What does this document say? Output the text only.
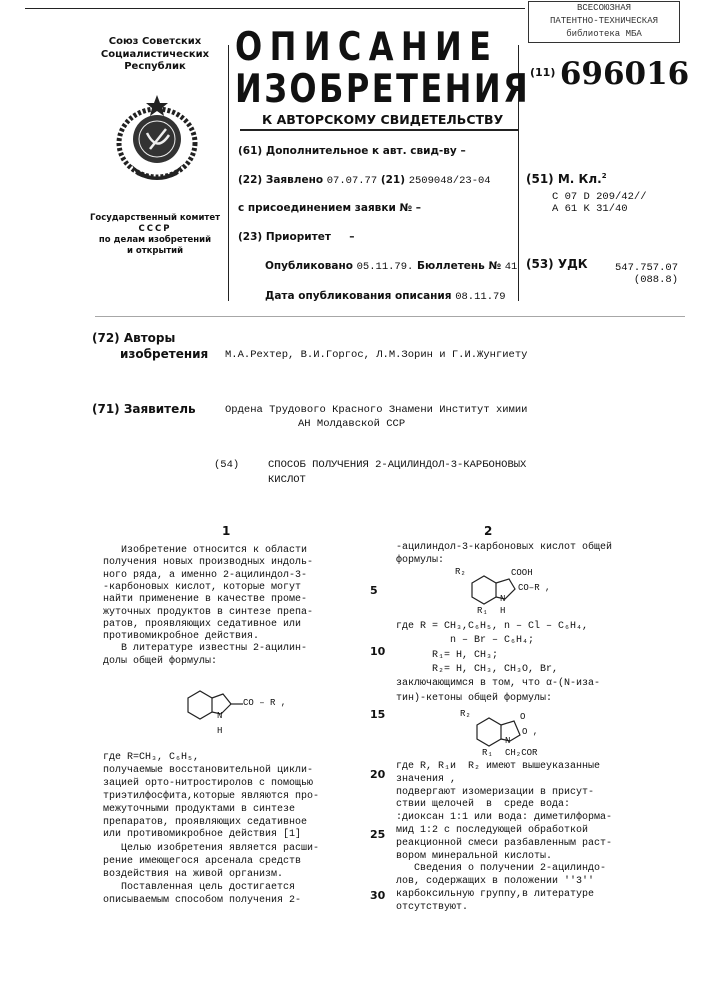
Союз Советских
Социалистических
Республик
Государственный комитет
СССР
по делам изобретений
и открытий
ОПИСАНИЕ
ИЗОБРЕТЕНИЯ
К АВТОРСКОМУ СВИДЕТЕЛЬСТВУ
ВСЕСОЮЗНАЯ
ПАТЕНТНО-ТЕХНИЧЕСКАЯ
библиотека МБА
(11) 696016
(61) Дополнительное к авт. свид-ву –
(22) Заявлено 07.07.77 (21) 2509048/23-04
с присоединением заявки № –
(23) Приоритет –
Опубликовано 05.11.79. Бюллетень № 41
Дата опубликования описания 08.11.79
(51) М. Кл.2
C 07 D 209/42//
A 61 K 31/40
(53) УДК	547.757.07
(088.8)
(72) Авторы
изобретения М.А.Рехтер, В.И.Горгос, Л.М.Зорин и Г.И.Жунгиету
(71) Заявитель	Ордена Трудового Красного Знамени Институт химии
АН Молдавской ССР
(54)	СПОСОБ ПОЛУЧЕНИЯ 2-АЦИЛИНДОЛ-3-КАРБОНОВЫХ
КИСЛОТ
1	2
5
10
15
20
25
30
CO – R ,
N
H
R₂	COOH
CO–R ,
N
R₁ H
R₂	O
O ,
N
R₁ CH₂COR
Изобретение относится к области
получения новых производных индоль-
ного ряда, а именно 2-ацилиндол-3-
-карбоновых кислот, которые могут
найти применение в качестве проме-
жуточных продуктов в синтезе препа-
ратов, проявляющих седативное или
противомикробное действия.
В литературе известны 2-ацилин-
долы общей формулы:
где R=CH₃, C₆H₅,
получаемые восстановительной цикли-
зацией орто-нитростиролов с помощью
триэтилфосфита,которые являются про-
межуточными продуктами в синтезе
препаратов, проявляющих седативное
или противомикробное действия [1]
Целью изобретения является расши-
рение имеющегося арсенала средств
воздействия на живой организм.
Поставленная цель достигается
описываемым способом получения 2-
-ацилиндол-3-карбоновых кислот общей
формулы:
где R = CH₃,C₆H₅, n – Cl – C₆H₄,
n – Br – C₆H₄;
R₁= H, CH₃;
R₂= H, CH₃, CH₃O, Br,
заключающимся в том, что α-(N-иза-
тин)-кетоны общей формулы:
где R, R₁и  R₂ имеют вышеуказанные
значения ,
подвергают изомеризации в присут-
ствии щелочей  в  среде вода:
:диоксан 1:1 или вода: диметилформа-
мид 1:2 с последующей обработкой
реакционной смеси разбавленным раст-
вором минеральной кислоты.
Сведения о получении 2-ацилиндо-
лов, содержащих в положении ''3''
карбоксильную группу,в литературе
отсутствуют.
